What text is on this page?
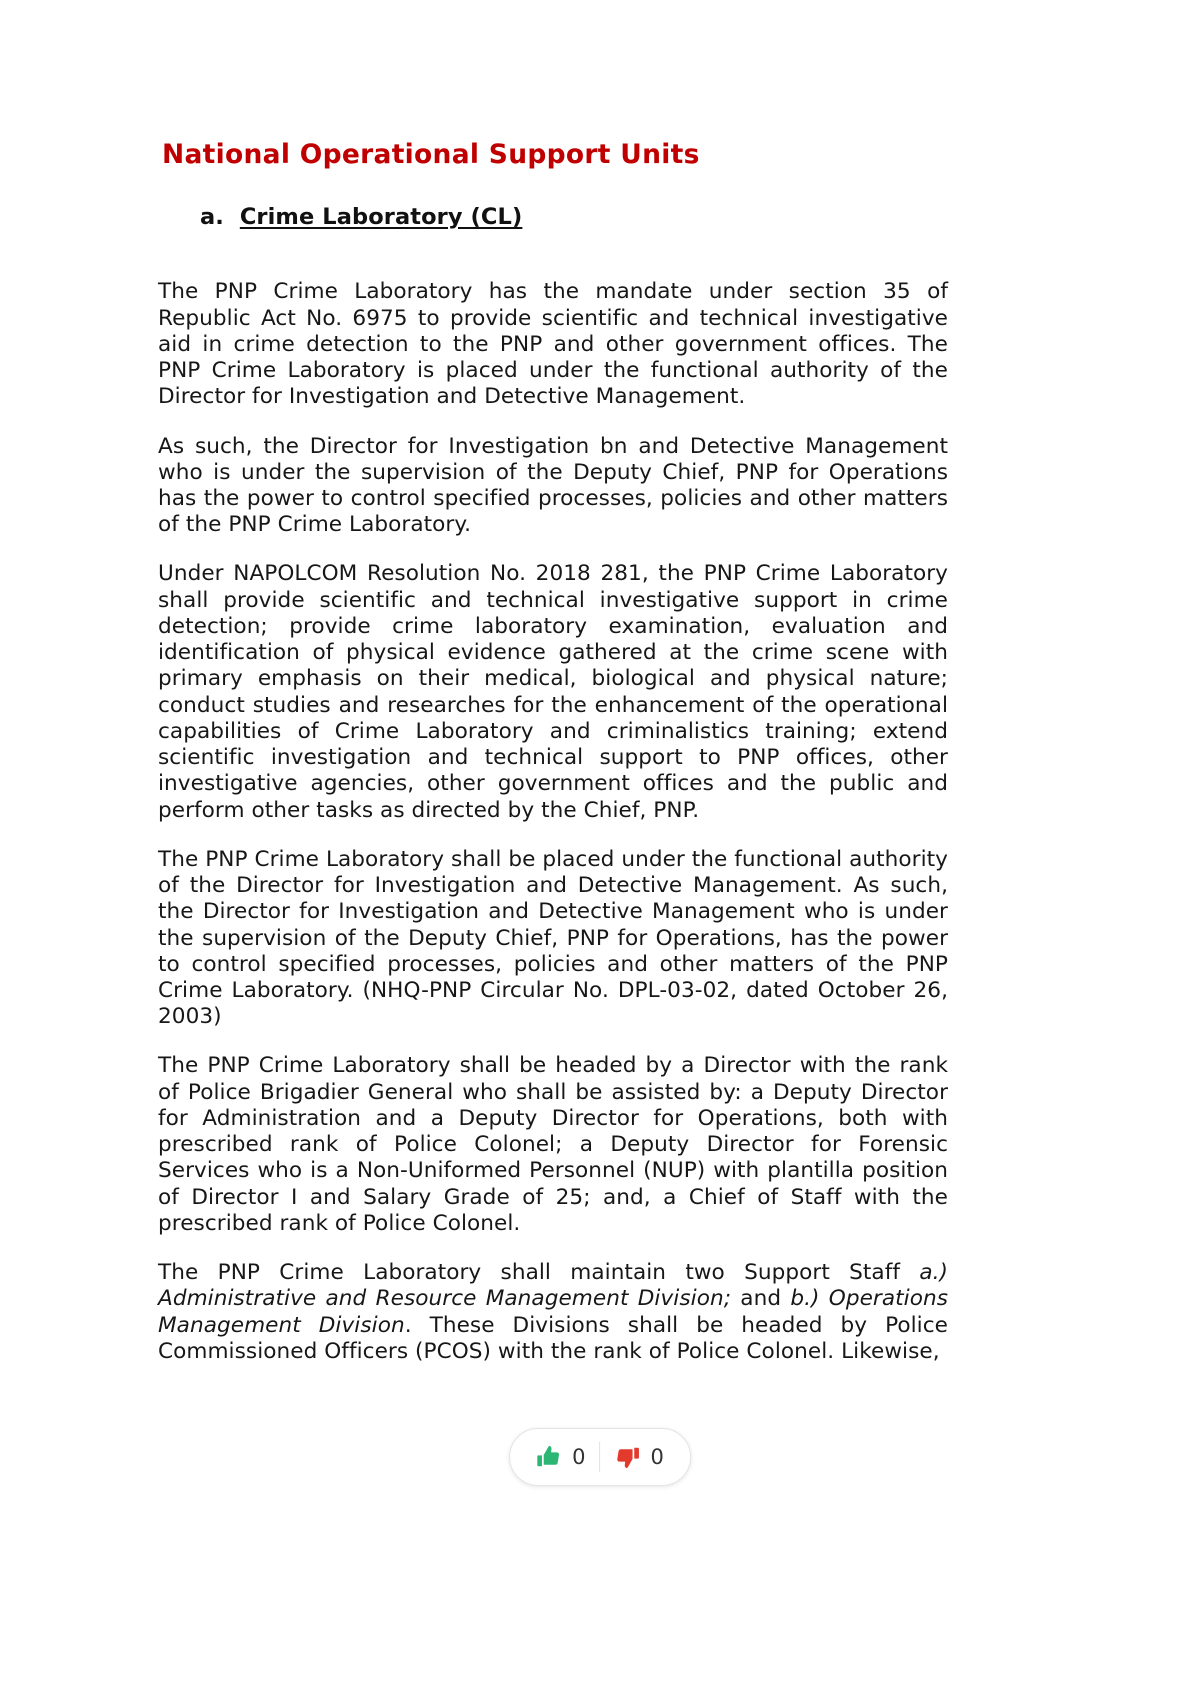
National Operational Support Units
a. Crime Laboratory (CL)

The PNP Crime Laboratory has the mandate under section 35 of Republic Act No. 6975 to provide scientific and technical investigative aid in crime detection to the PNP and other government offices. The PNP Crime Laboratory is placed under the functional authority of the Director for Investigation and Detective Management.

As such, the Director for Investigation bn and Detective Management who is under the supervision of the Deputy Chief, PNP for Operations has the power to control specified processes, policies and other matters of the PNP Crime Laboratory.

Under NAPOLCOM Resolution No. 2018 281, the PNP Crime Laboratory shall provide scientific and technical investigative support in crime detection; provide crime laboratory examination, evaluation and identification of physical evidence gathered at the crime scene with primary emphasis on their medical, biological and physical nature; conduct studies and researches for the enhancement of the operational capabilities of Crime Laboratory and criminalistics training; extend scientific investigation and technical support to PNP offices, other investigative agencies, other government offices and the public and perform other tasks as directed by the Chief, PNP.

The PNP Crime Laboratory shall be placed under the functional authority of the Director for Investigation and Detective Management. As such, the Director for Investigation and Detective Management who is under the supervision of the Deputy Chief, PNP for Operations, has the power to control specified processes, policies and other matters of the PNP Crime Laboratory. (NHQ-PNP Circular No. DPL-03-02, dated October 26, 2003)

The PNP Crime Laboratory shall be headed by a Director with the rank of Police Brigadier General who shall be assisted by: a Deputy Director for Administration and a Deputy Director for Operations, both with prescribed rank of Police Colonel; a Deputy Director for Forensic Services who is a Non-Uniformed Personnel (NUP) with plantilla position of Director I and Salary Grade of 25; and, a Chief of Staff with the prescribed rank of Police Colonel.

The PNP Crime Laboratory shall maintain two Support Staff a.) Administrative and Resource Management Division; and b.) Operations Management Division. These Divisions shall be headed by Police Commissioned Officers (PCOS) with the rank of Police Colonel. Likewise,

0	0
